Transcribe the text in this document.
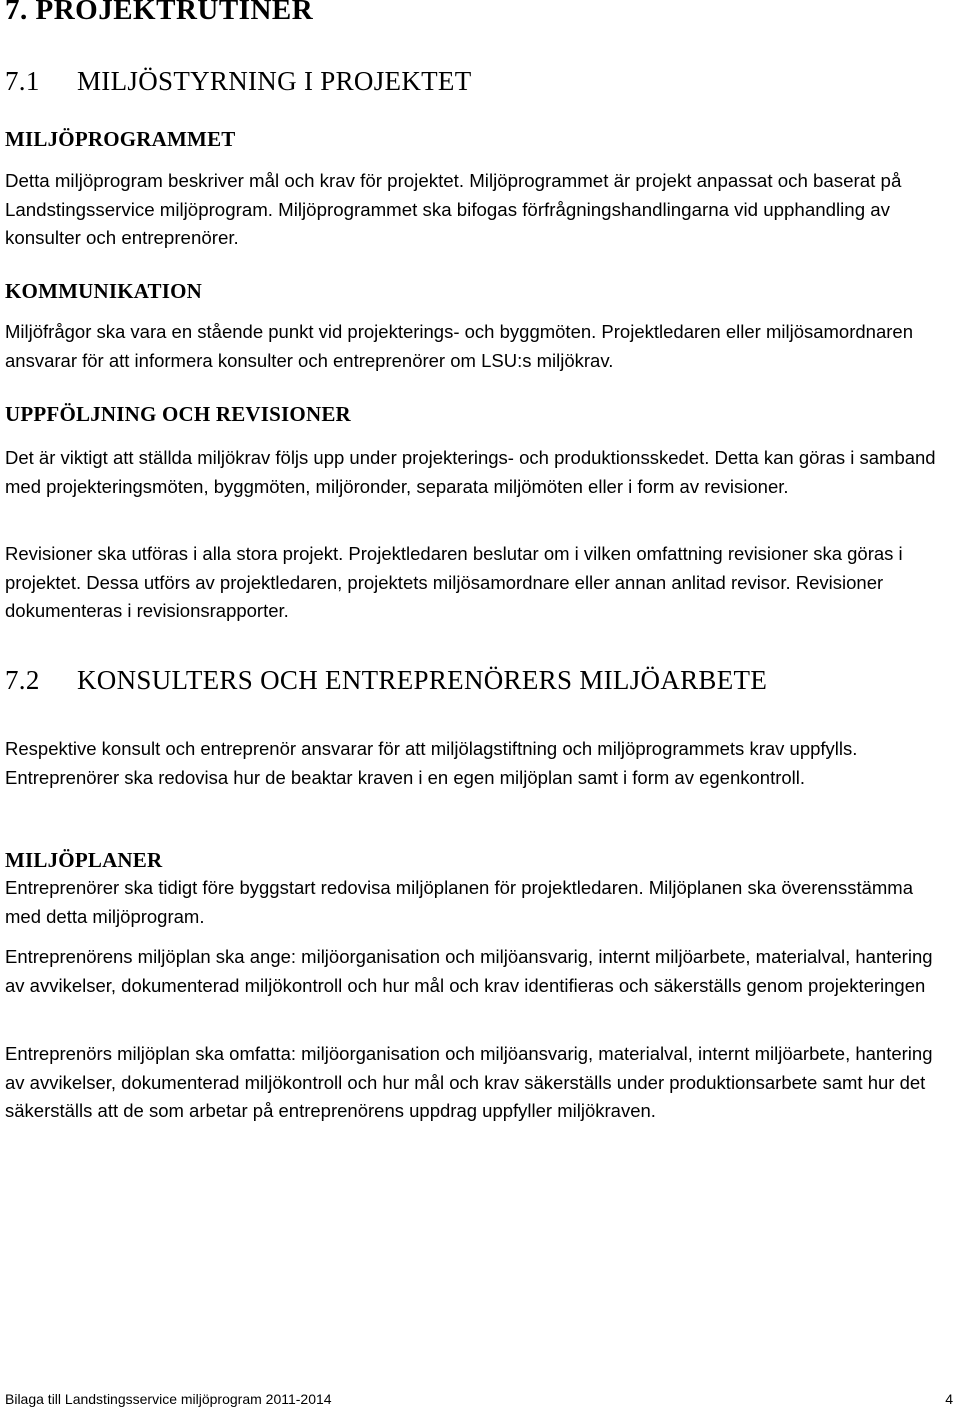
7. PROJEKTRUTINER
7.1 MILJÖSTYRNING I PROJEKTET
MILJÖPROGRAMMET

Detta miljöprogram beskriver mål och krav för projektet. Miljöprogrammet är projekt anpassat och baserat på Landstingsservice miljöprogram. Miljöprogrammet ska bifogas förfrågningshandlingarna vid upphandling av konsulter och entreprenörer.

KOMMUNIKATION

Miljöfrågor ska vara en stående punkt vid projekterings- och byggmöten. Projektledaren eller miljösamordnaren ansvarar för att informera konsulter och entreprenörer om LSU:s miljökrav.

UPPFÖLJNING OCH REVISIONER

Det är viktigt att ställda miljökrav följs upp under projekterings- och produktionsskedet. Detta kan göras i samband med projekteringsmöten, byggmöten, miljöronder, separata miljömöten eller i form av revisioner.

Revisioner ska utföras i alla stora projekt. Projektledaren beslutar om i vilken omfattning revisioner ska göras i projektet. Dessa utförs av projektledaren, projektets miljösamordnare eller annan anlitad revisor. Revisioner dokumenteras i revisionsrapporter.

7.2 KONSULTERS OCH ENTREPRENÖRERS MILJÖARBETE

Respektive konsult och entreprenör ansvarar för att miljölagstiftning och miljöprogrammets krav uppfylls. Entreprenörer ska redovisa hur de beaktar kraven i en egen miljöplan samt i form av egenkontroll.

MILJÖPLANER

Entreprenörer ska tidigt före byggstart redovisa miljöplanen för projektledaren. Miljöplanen ska överensstämma med detta miljöprogram.

Entreprenörens miljöplan ska ange: miljöorganisation och miljöansvarig, internt miljöarbete, materialval, hantering av avvikelser, dokumenterad miljökontroll och hur mål och krav identifieras och säkerställs genom projekteringen

Entreprenörs miljöplan ska omfatta: miljöorganisation och miljöansvarig, materialval, internt miljöarbete, hantering av avvikelser, dokumenterad miljökontroll och hur mål och krav säkerställs under produktionsarbete samt hur det säkerställs att de som arbetar på entreprenörens uppdrag uppfyller miljökraven.

Bilaga till Landstingsservice miljöprogram 2011-2014	4
